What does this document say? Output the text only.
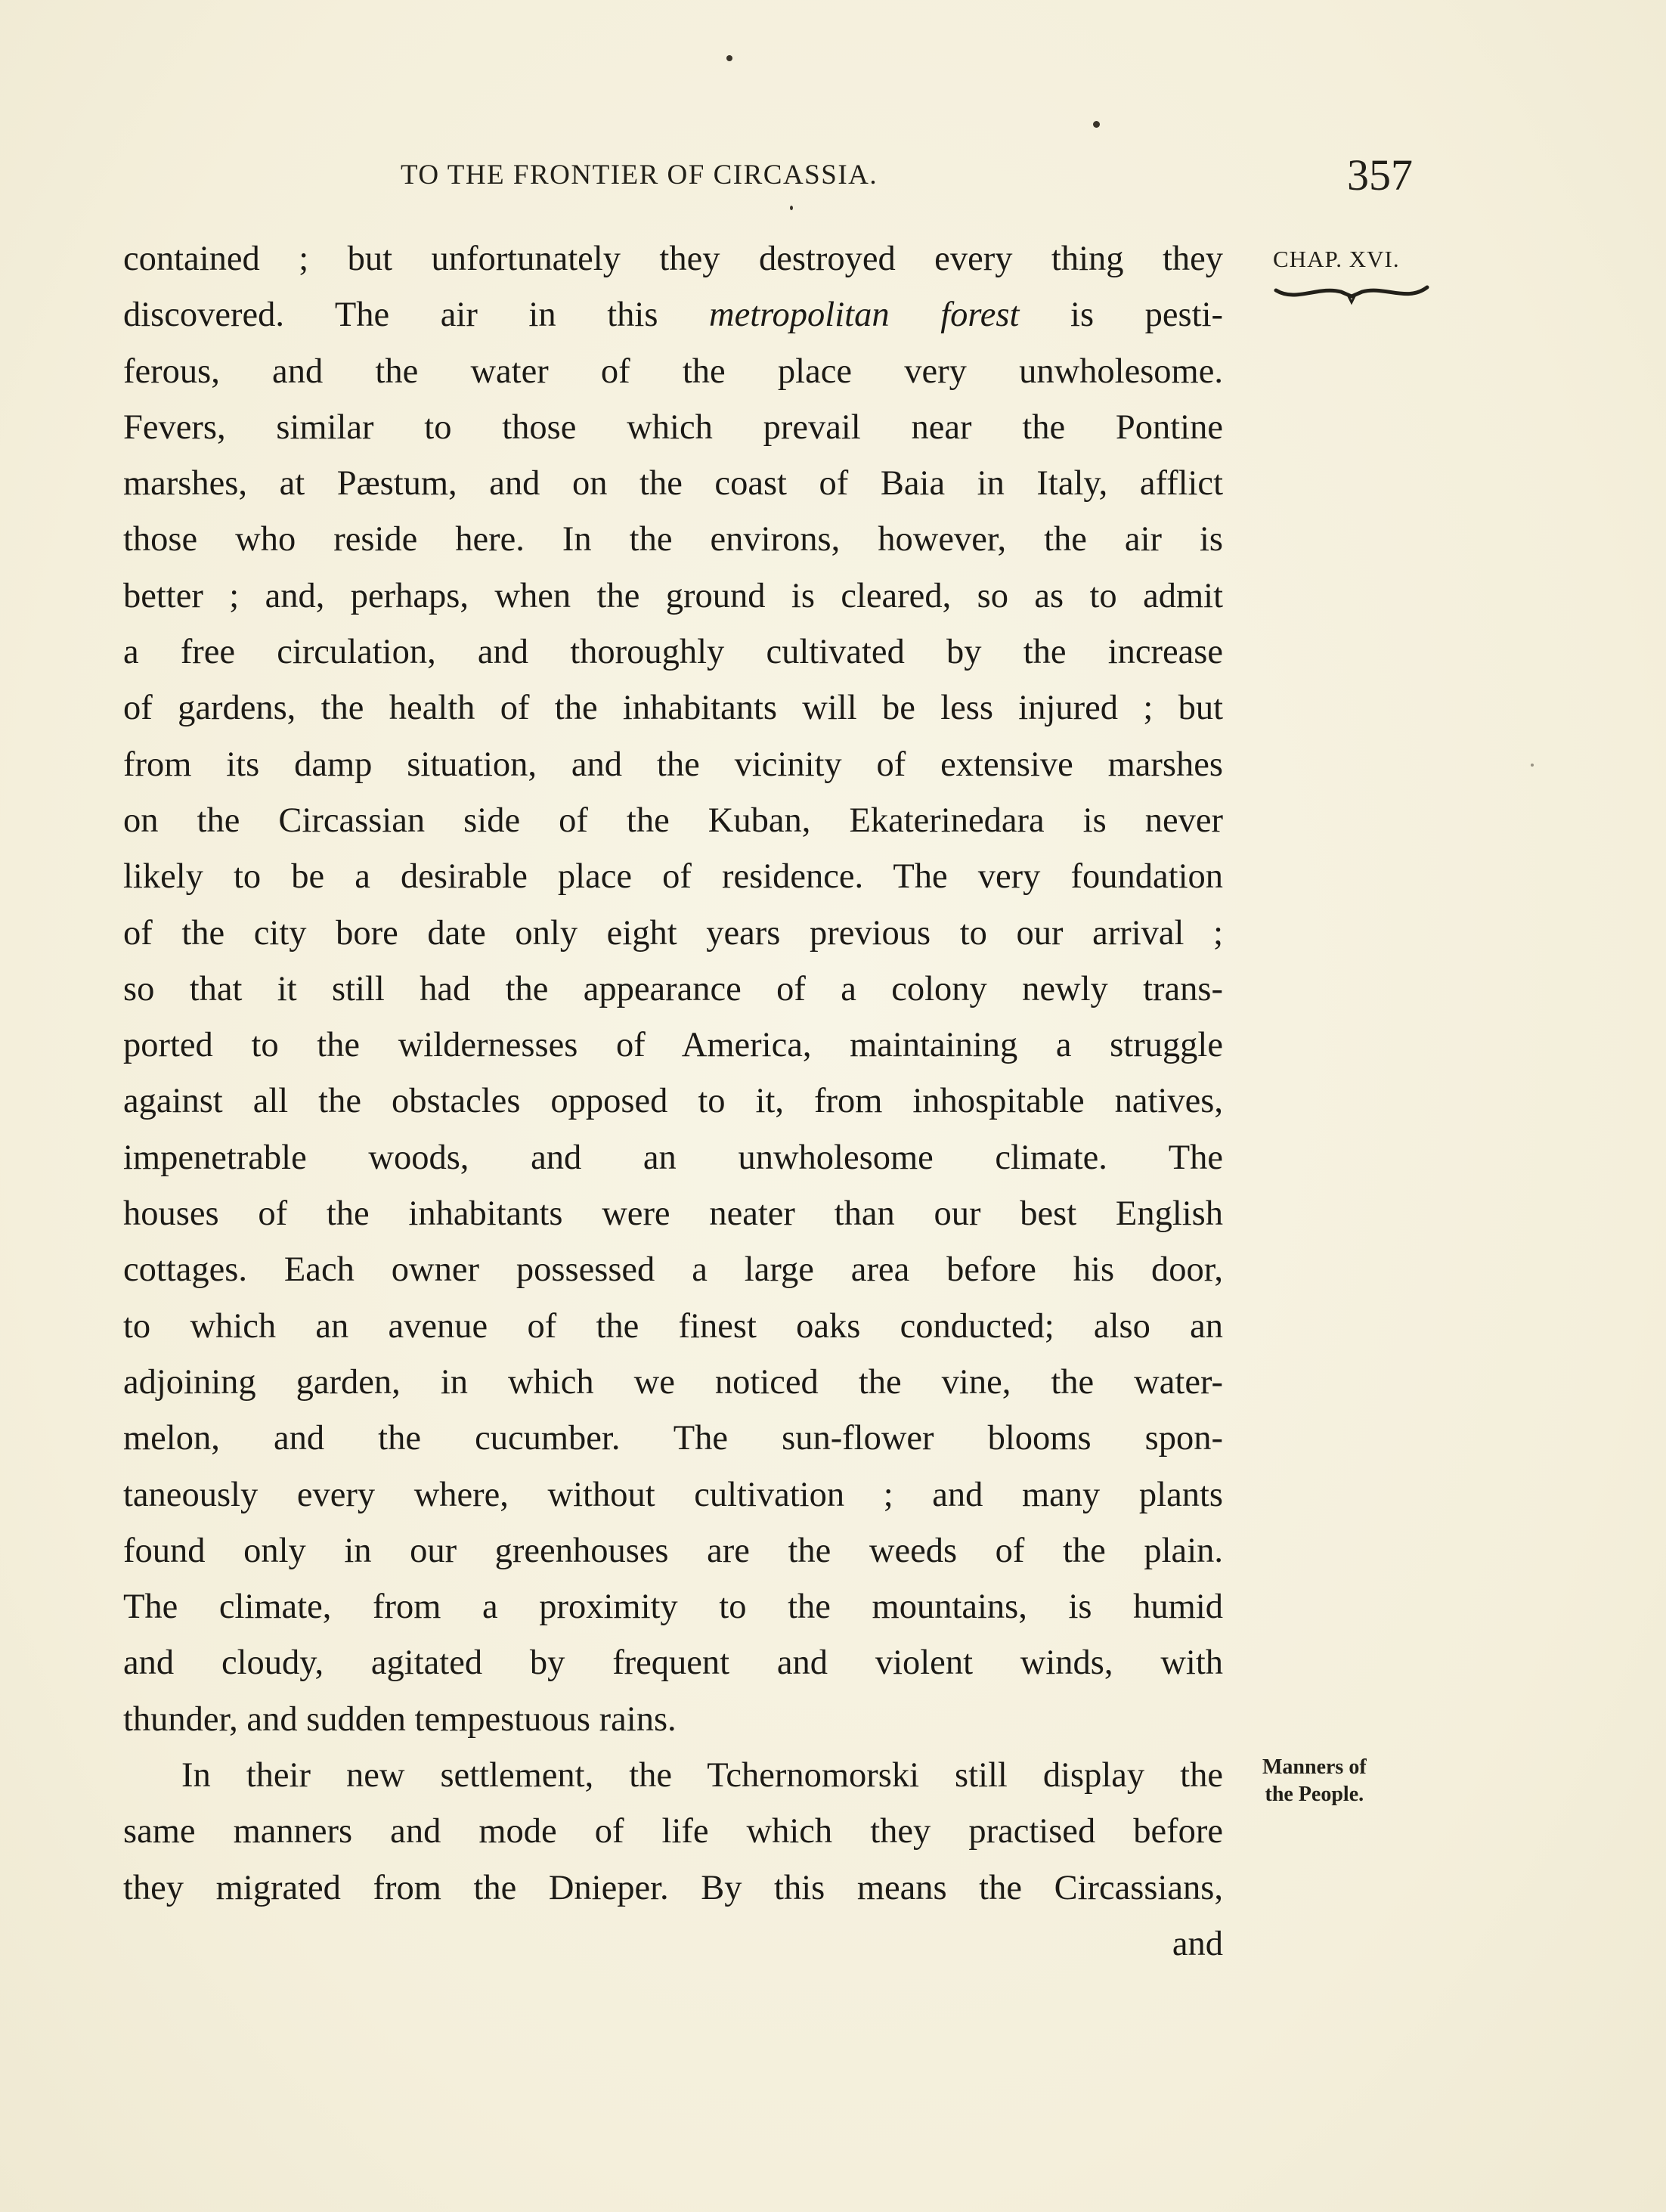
TO THE FRONTIER OF CIRCASSIA.	357
CHAP. XVI.
contained ; but unfortunately they destroyed every thing they
discovered. The air in this metropolitan forest is pesti-
ferous, and the water of the place very unwholesome.
Fevers, similar to those which prevail near the Pontine
marshes, at Pæstum, and on the coast of Baia in Italy, afflict
those who reside here. In the environs, however, the air is
better ; and, perhaps, when the ground is cleared, so as to admit
a free circulation, and thoroughly cultivated by the increase
of gardens, the health of the inhabitants will be less injured ; but
from its damp situation, and the vicinity of extensive marshes
on the Circassian side of the Kuban, Ekaterinedara is never
likely to be a desirable place of residence. The very foundation
of the city bore date only eight years previous to our arrival ;
so that it still had the appearance of a colony newly trans-
ported to the wildernesses of America, maintaining a struggle
against all the obstacles opposed to it, from inhospitable natives,
impenetrable woods, and an unwholesome climate. The
houses of the inhabitants were neater than our best English
cottages. Each owner possessed a large area before his door,
to which an avenue of the finest oaks conducted; also an
adjoining garden, in which we noticed the vine, the water-
melon, and the cucumber. The sun-flower blooms spon-
taneously every where, without cultivation ; and many plants
found only in our greenhouses are the weeds of the plain.
The climate, from a proximity to the mountains, is humid
and cloudy, agitated by frequent and violent winds, with
thunder, and sudden tempestuous rains.
In their new settlement, the Tchernomorski still display the
same manners and mode of life which they practised before
they migrated from the Dnieper. By this means the Circassians,
and
Manners of
the People.
